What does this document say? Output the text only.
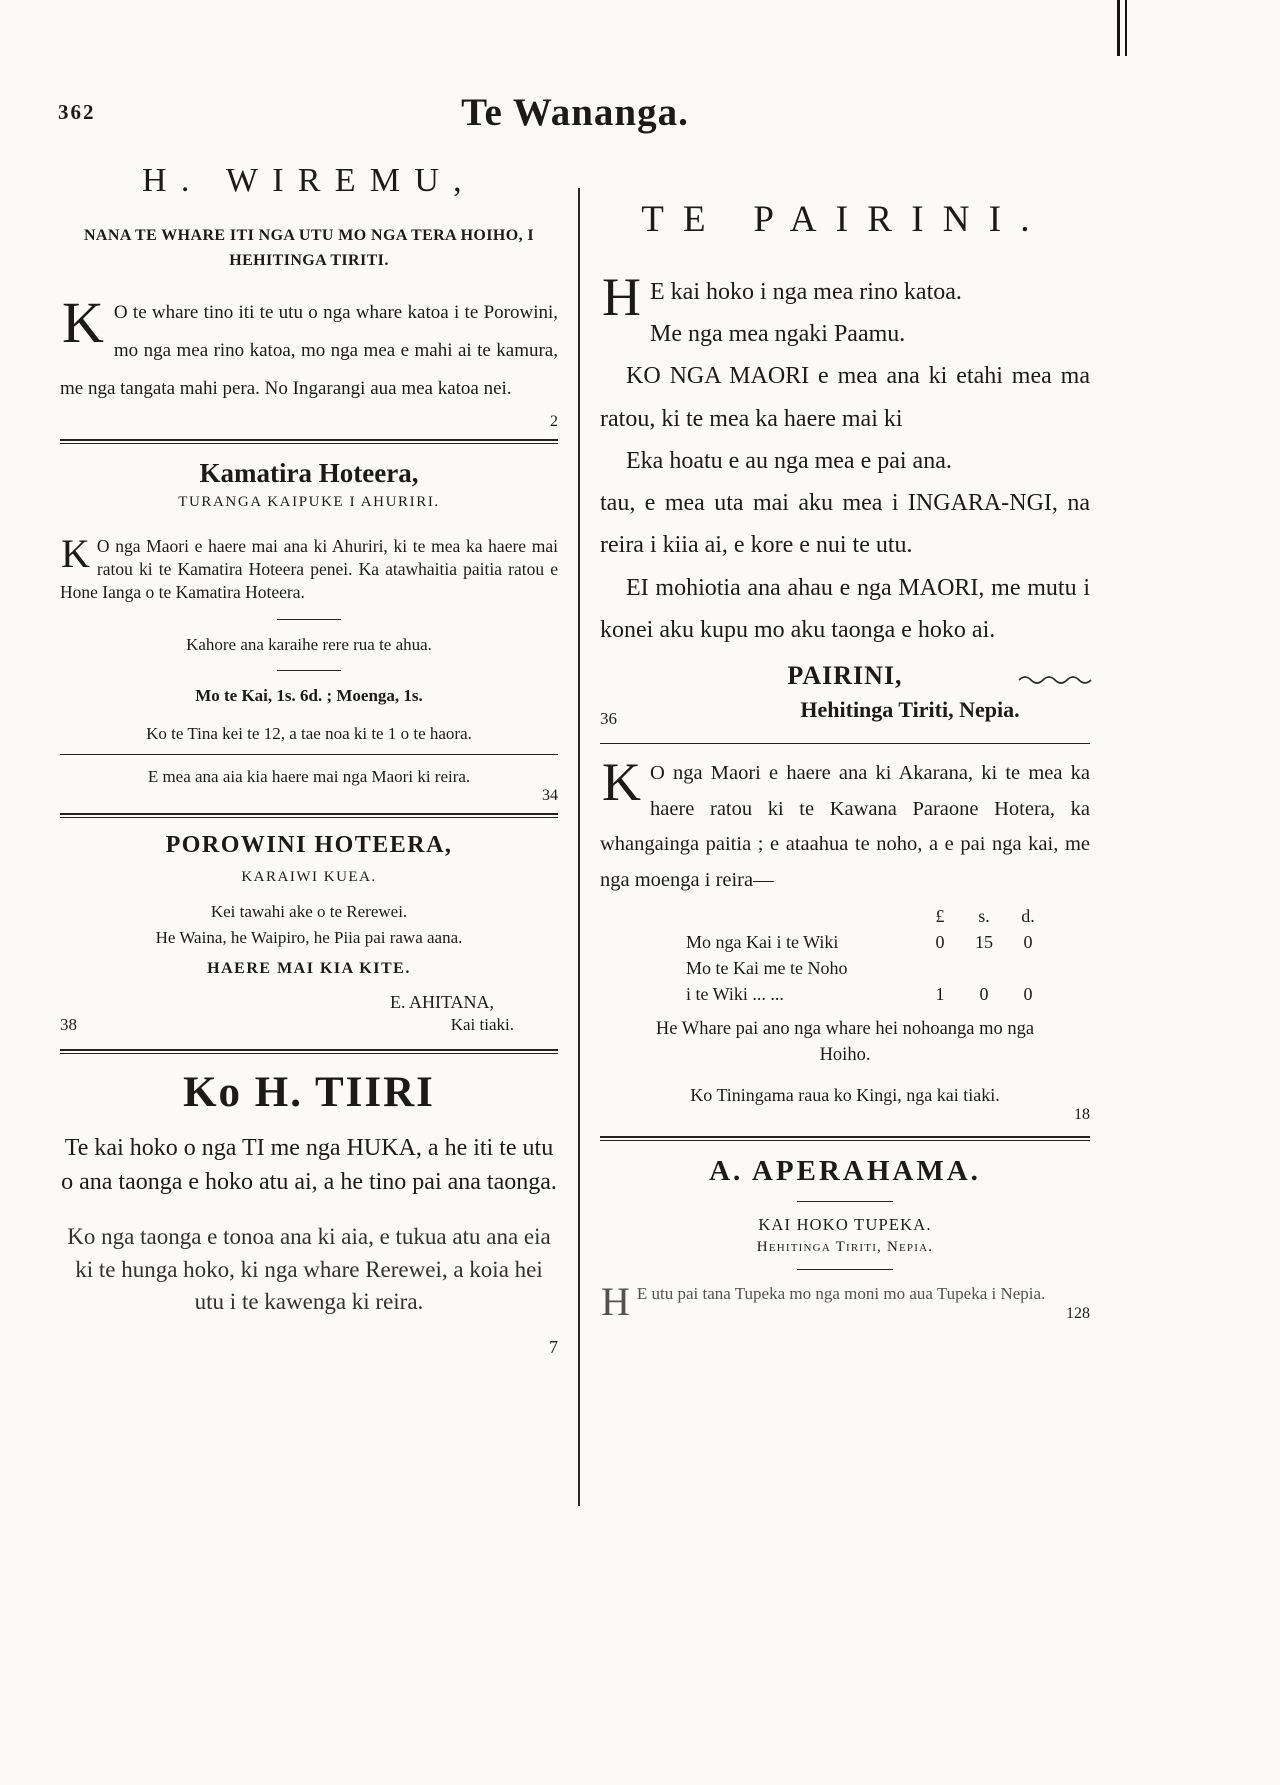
362	Te Wananga.
H. WIREMU,

NANA TE WHARE ITI NGA UTU MO NGA TERA HOIHO, I HEHITINGA TIRITI.

K O te whare tino iti te utu o nga whare katoa i te Porowini, mo nga mea rino katoa, mo nga mea e mahi ai te kamura, me nga tangata mahi pera. No Ingarangi aua mea katoa nei.

2
Kamatira Hoteera,

TURANGA KAIPUKE I AHURIRI.

K O nga Maori e haere mai ana ki Ahuriri, ki te mea ka haere mai ratou ki te Kamatira Hoteera penei. Ka atawhaitia paitia ratou e Hone Ianga o te Kamatira Hoteera.

Kahore ana karaihe rere rua te ahua.

Mo te Kai, 1s. 6d. ; Moenga, 1s.

Ko te Tina kei te 12, a tae noa ki te 1 o te haora.

E mea ana aia kia haere mai nga Maori ki reira.

34
POROWINI HOTEERA,

KARAIWI KUEA.

Kei tawahi ake o te Rerewei.

He Waina, he Waipiro, he Piia pai rawa aana.

HAERE MAI KIA KITE.

E. AHITANA,

38	Kai tiaki.
Ko H. TIIRI

Te kai hoko o nga TI me nga HUKA, a he iti te utu o ana taonga e hoko atu ai, a he tino pai ana taonga.

Ko nga taonga e tonoa ana ki aia, e tukua atu ana eia ki te hunga hoko, ki nga whare Rerewei, a koia hei utu i te kawenga ki reira.

7
TE PAIRINI.
H E kai hoko i nga mea rino katoa.

Me nga mea ngaki Paamu.

KO NGA MAORI e mea ana ki etahi mea ma ratou, ki te mea ka haere mai ki

Eka hoatu e au nga mea e pai ana.

tau, e mea uta mai aku mea i INGARA-NGI, na reira i kiia ai, e kore e nui te utu.

EI mohiotia ana ahau e nga MAORI, me mutu i konei aku kupu mo aku taonga e hoko ai.

PAIRINI,

Hehitinga Tiriti, Nepia.

36

K O nga Maori e haere ana ki Akarana, ki te mea ka haere ratou ki te Kawana Paraone Hotera, ka whangainga paitia ; e ataahua te noho, a e pai nga kai, me nga moenga i reira—

£	s.	d.
Mo nga Kai i te Wiki	0	15	0
Mo te Kai me te Noho
i te Wiki ... ...	1	0	0

He Whare pai ano nga whare hei nohoanga mo nga
Hoiho.

Ko Tiningama raua ko Kingi, nga kai tiaki.

18
A. APERAHAMA.

KAI HOKO TUPEKA.

Hehitinga Tiriti, Nepia.

H E utu pai tana Tupeka mo nga moni mo aua Tupeka i Nepia.

128
